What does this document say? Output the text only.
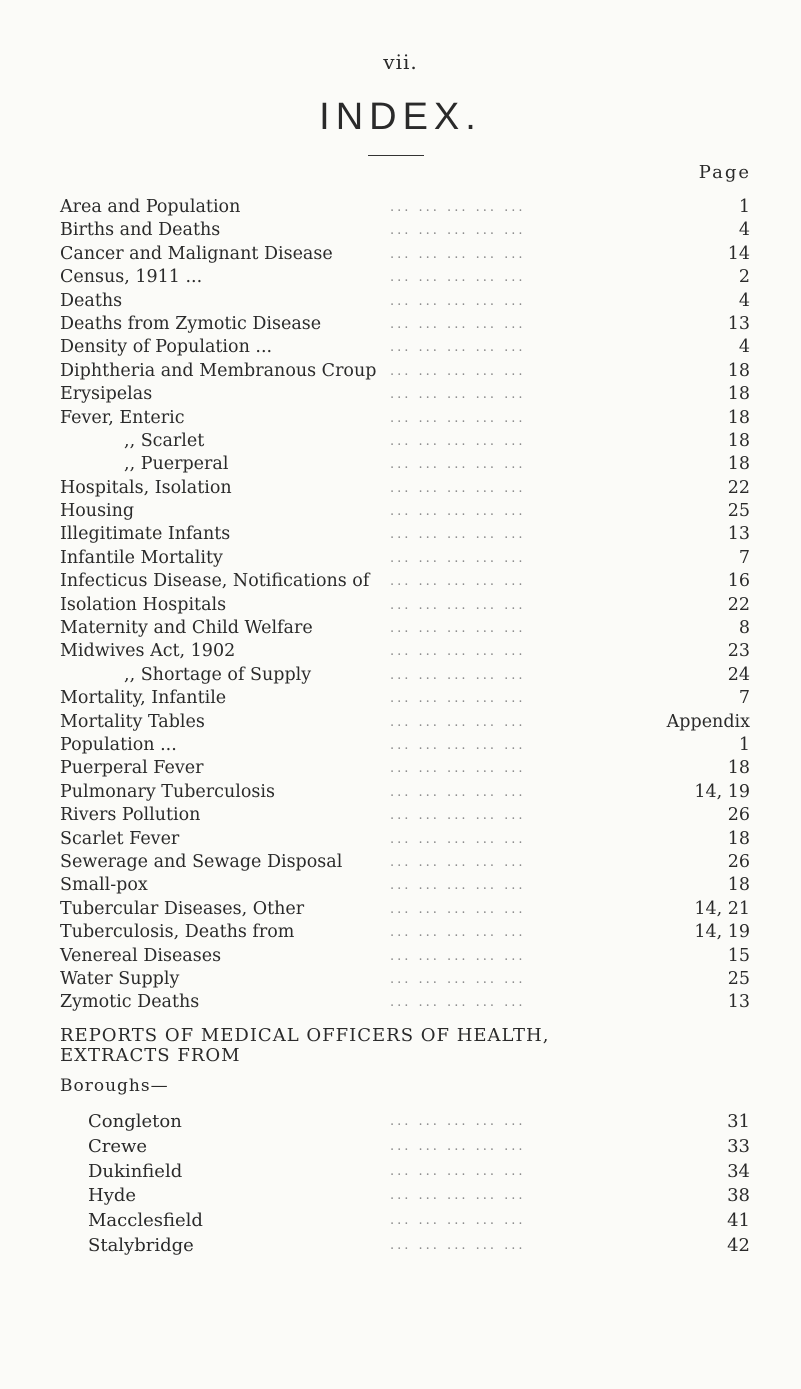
vii.
INDEX.
Page
Area and Population	... ... ... ... ...	1
Births and Deaths	... ... ... ... ...	4
Cancer and Malignant Disease	... ... ... ... ...	14
Census, 1911 ...	... ... ... ... ...	2
Deaths	... ... ... ... ...	4
Deaths from Zymotic Disease	... ... ... ... ...	13
Density of Population ...	... ... ... ... ...	4
Diphtheria and Membranous Croup ... ... ... ... ...	18
Erysipelas	... ... ... ... ...	18
Fever, Enteric	... ... ... ... ...	18
,, Scarlet	... ... ... ... ...	18
,, Puerperal	... ... ... ... ...	18
Hospitals, Isolation	... ... ... ... ...	22
Housing	... ... ... ... ...	25
Illegitimate Infants	... ... ... ... ...	13
Infantile Mortality	... ... ... ... ...	7
Infecticus Disease, Notifications of ... ... ... ... ...	16
Isolation Hospitals	... ... ... ... ...	22
Maternity and Child Welfare	... ... ... ... ...	8
Midwives Act, 1902	... ... ... ... ...	23
,, Shortage of Supply	... ... ... ... ...	24
Mortality, Infantile	... ... ... ... ...	7
Mortality Tables	... ... ... ... ...	Appendix
Population ...	... ... ... ... ...	1
Puerperal Fever	... ... ... ... ...	18
Pulmonary Tuberculosis	... ... ... ... ...	14, 19
Rivers Pollution	... ... ... ... ...	26
Scarlet Fever	... ... ... ... ...	18
Sewerage and Sewage Disposal	... ... ... ... ...	26
Small-pox	... ... ... ... ...	18
Tubercular Diseases, Other	... ... ... ... ...	14, 21
Tuberculosis, Deaths from	... ... ... ... ...	14, 19
Venereal Diseases	... ... ... ... ...	15
Water Supply	... ... ... ... ...	25
Zymotic Deaths	... ... ... ... ...	13
REPORTS OF MEDICAL OFFICERS OF HEALTH,
EXTRACTS FROM
Boroughs—
Congleton	... ... ... ... ...	31
Crewe	... ... ... ... ...	33
Dukinfield	... ... ... ... ...	34
Hyde	... ... ... ... ...	38
Macclesfield	... ... ... ... ...	41
Stalybridge	... ... ... ... ...	42
